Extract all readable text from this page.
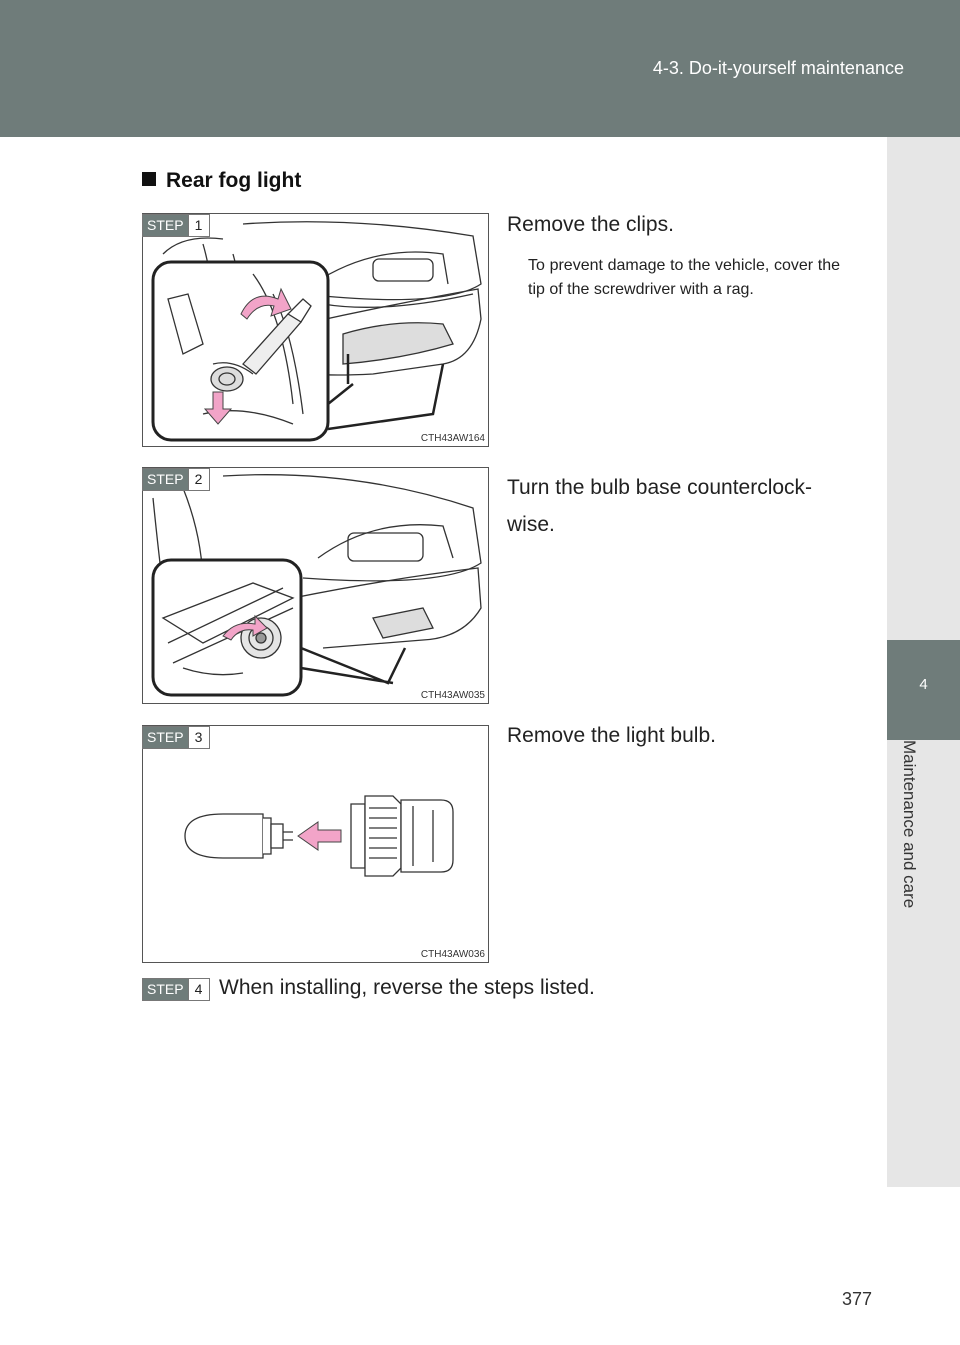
4-3. Do-it-yourself maintenance
4
Maintenance and care
Rear fog light
CTH43AW164
STEP 1	Remove the clips.
To prevent damage to the vehicle, cover the tip of the screwdriver with a rag.
CTH43AW035
STEP 2	Turn the bulb base counterclock-wise.
CTH43AW036
STEP 3	Remove the light bulb.
STEP 4 When installing, reverse the steps listed.
377
